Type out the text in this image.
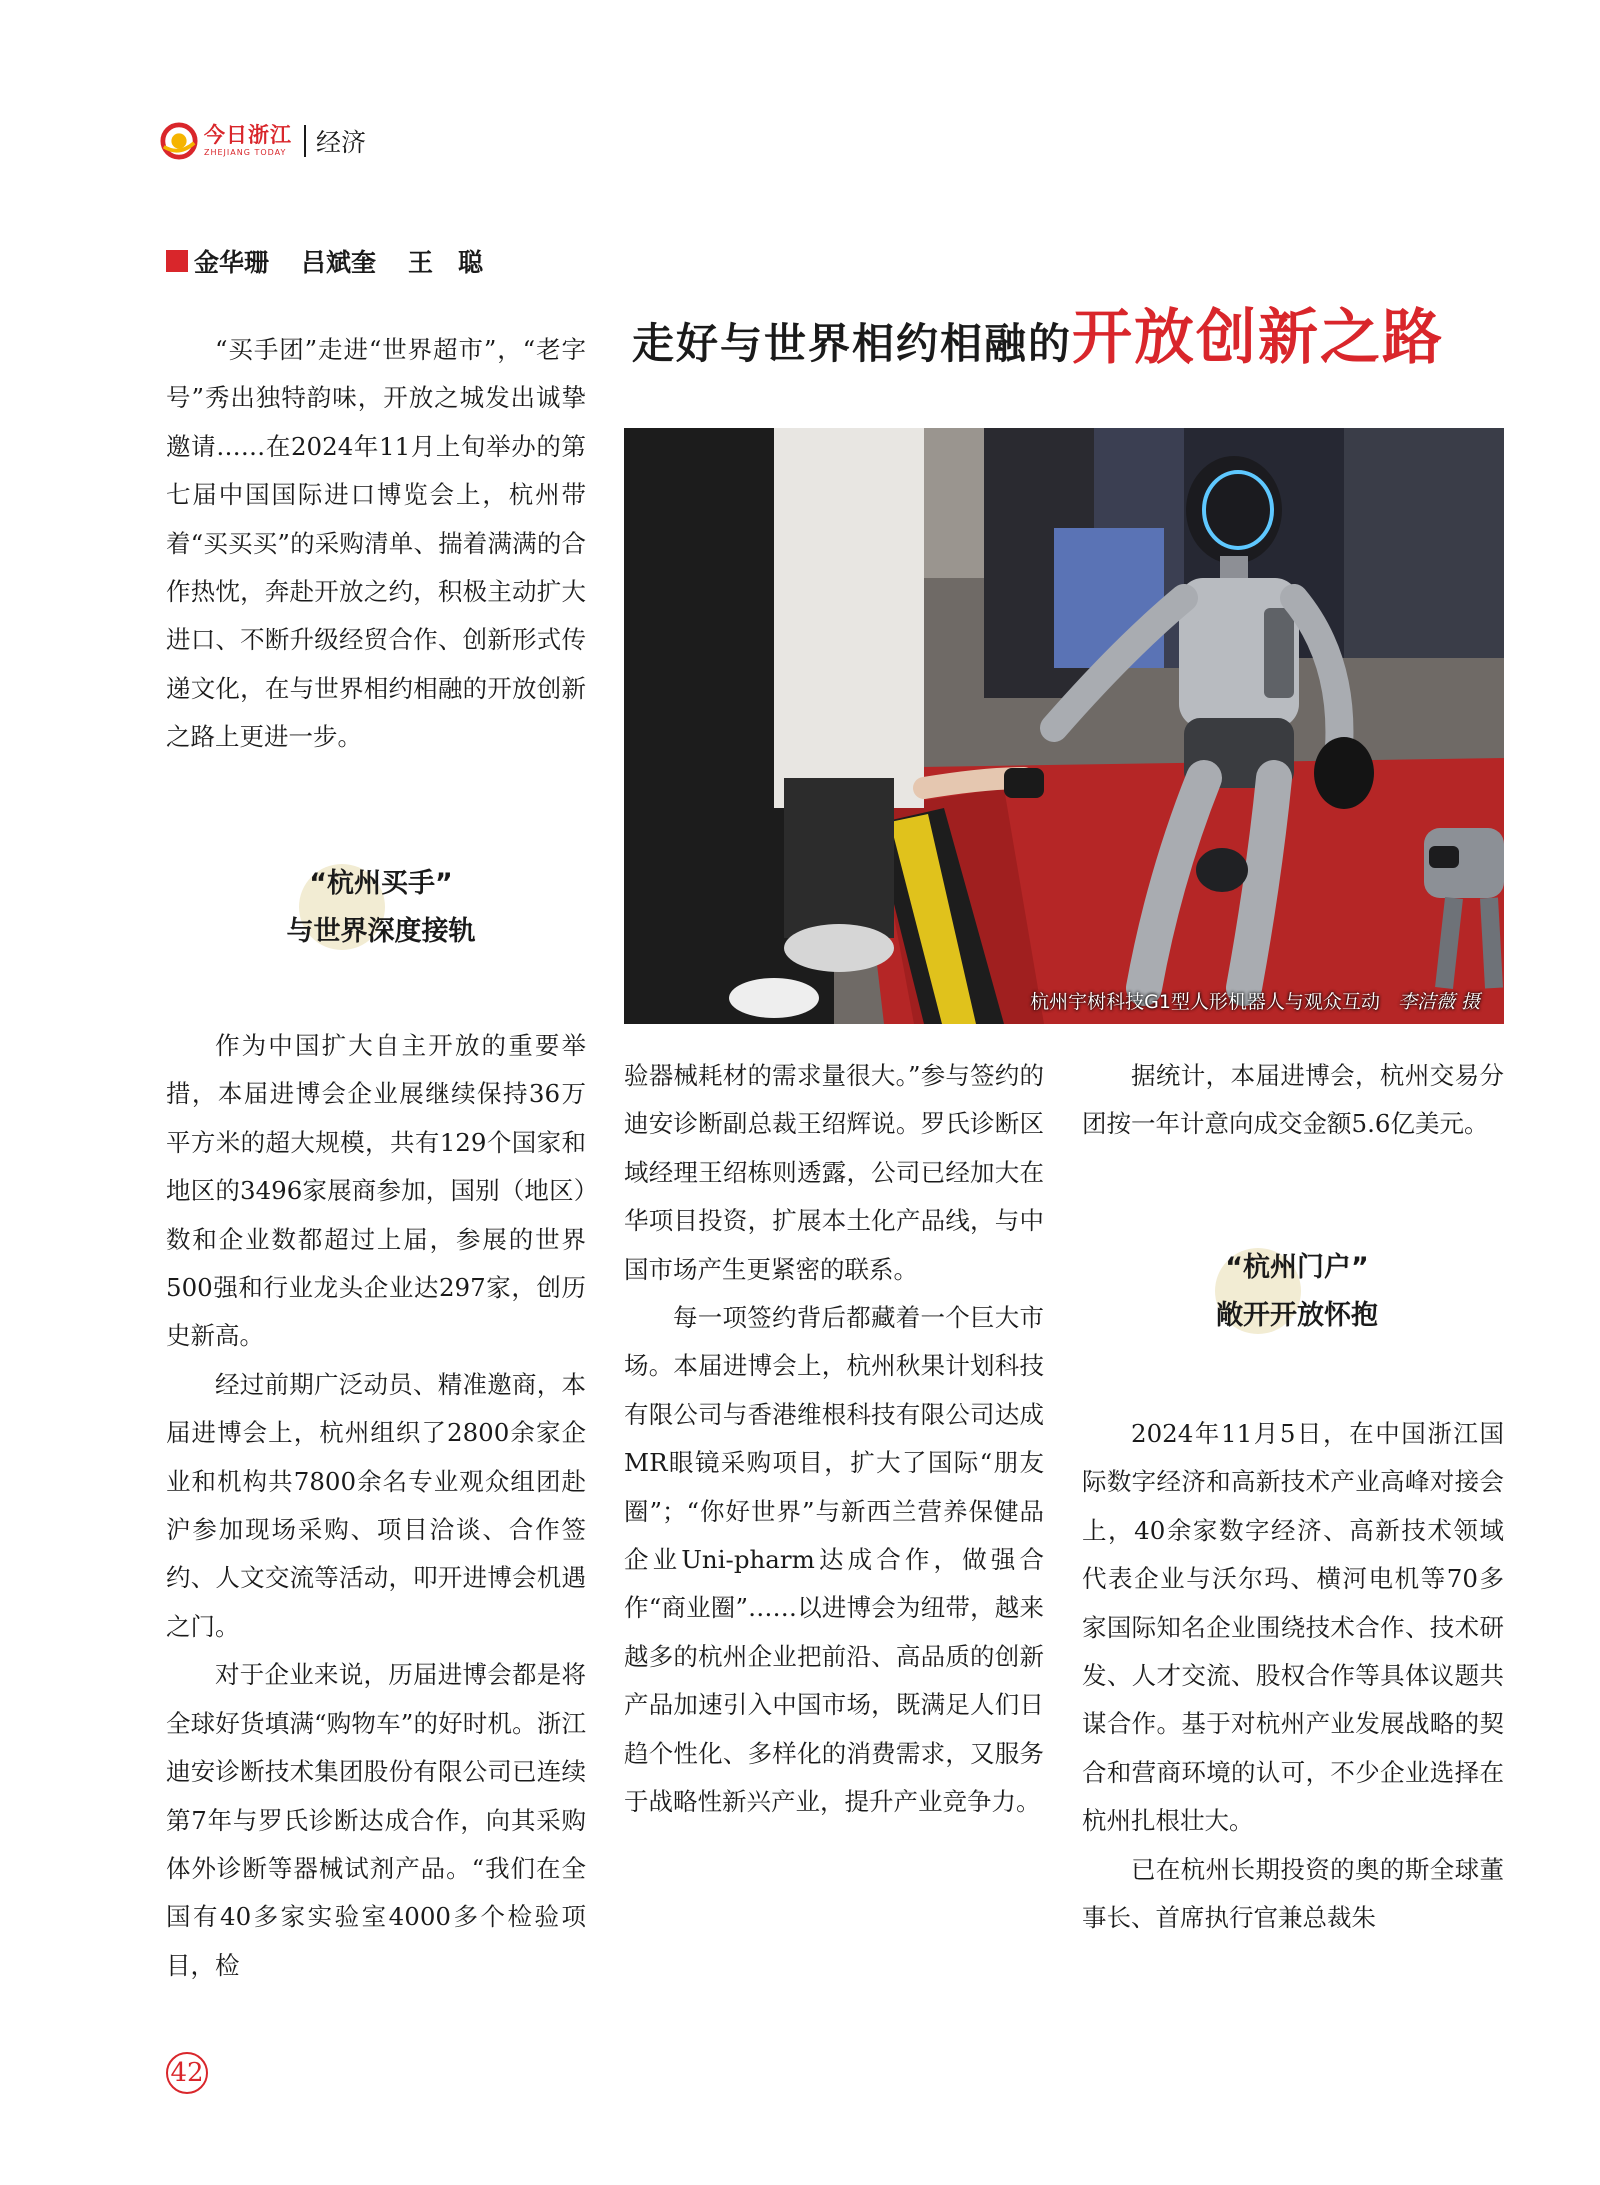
今日浙江
ZHEJIANG TODAY 经济
金华珊 吕斌奎 王　聪
走好与世界相约相融的 开放创新之路

“买手团”走进“世界超市”，“老字号”秀出独特韵味，开放之城发出诚挚邀请……在2024年11月上旬举办的第七届中国国际进口博览会上，杭州带着“买买买”的采购清单、揣着满满的合作热忱，奔赴开放之约，积极主动扩大进口、不断升级经贸合作、创新形式传递文化，在与世界相约相融的开放创新之路上更进一步。

“杭州买手”
与世界深度接轨

作为中国扩大自主开放的重要举措，本届进博会企业展继续保持36万平方米的超大规模，共有129个国家和地区的3496家展商参加，国别（地区）数和企业数都超过上届，参展的世界500强和行业龙头企业达297家，创历史新高。

经过前期广泛动员、精准邀商，本届进博会上，杭州组织了2800余家企业和机构共7800余名专业观众组团赴沪参加现场采购、项目洽谈、合作签约、人文交流等活动，叩开进博会机遇之门。

对于企业来说，历届进博会都是将全球好货填满“购物车”的好时机。浙江迪安诊断技术集团股份有限公司已连续第7年与罗氏诊断达成合作，向其采购体外诊断等器械试剂产品。“我们在全国有40多家实验室4000多个检验项目，检

杭州宇树科技G1型人形机器人与观众互动 李洁薇 摄

验器械耗材的需求量很大。”参与签约的迪安诊断副总裁王绍辉说。罗氏诊断区域经理王绍栋则透露，公司已经加大在华项目投资，扩展本土化产品线，与中国市场产生更紧密的联系。

每一项签约背后都藏着一个巨大市场。本届进博会上，杭州秋果计划科技有限公司与香港维根科技有限公司达成MR眼镜采购项目，扩大了国际“朋友圈”；“你好世界”与新西兰营养保健品企业Uni-pharm达成合作，做强合作“商业圈”……以进博会为纽带，越来越多的杭州企业把前沿、高品质的创新产品加速引入中国市场，既满足人们日趋个性化、多样化的消费需求，又服务于战略性新兴产业，提升产业竞争力。

据统计，本届进博会，杭州交易分团按一年计意向成交金额5.6亿美元。

“杭州门户”
敞开开放怀抱

2024年11月5日，在中国浙江国际数字经济和高新技术产业高峰对接会上，40余家数字经济、高新技术领域代表企业与沃尔玛、横河电机等70多家国际知名企业围绕技术合作、技术研发、人才交流、股权合作等具体议题共谋合作。基于对杭州产业发展战略的契合和营商环境的认可，不少企业选择在杭州扎根壮大。

已在杭州长期投资的奥的斯全球董事长、首席执行官兼总裁朱

42
